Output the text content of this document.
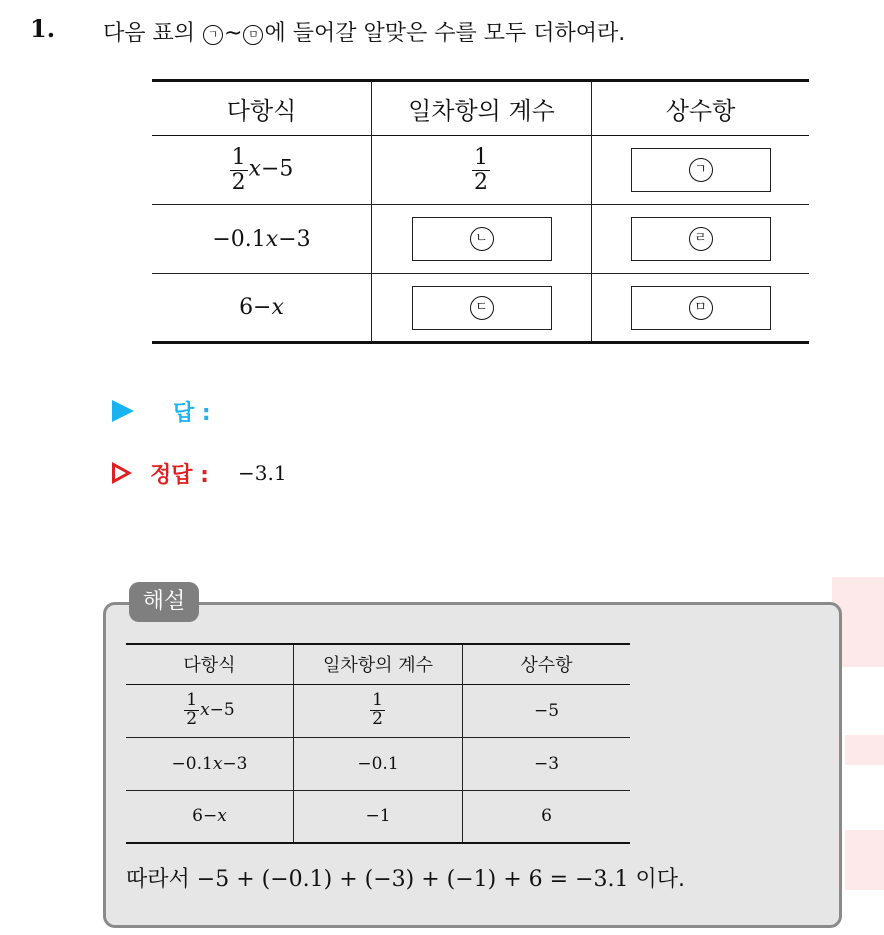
1. 다음 표의 ㄱ ~ ㅁ 에 들어갈 알맞은 수를 모두 더하여라.
다항식	일차항의 계수	상수항

$\frac{1}{2} x-5$	$\frac{1}{2}$	ㄱ

−0.1x−3	ㄴ	ㄹ

6−x	ㄷ	ㅁ
답 :
정답 : −3.1
해설
다항식	일차항의 계수	상수항

$\frac{1}{2} x-5$	$\frac{1}{2}$	−5
−0.1x−3	−0.1	−3
6−x	−1	6
따라서 −5 + (−0.1) + (−3) + (−1) + 6 = −3.1 이다.
